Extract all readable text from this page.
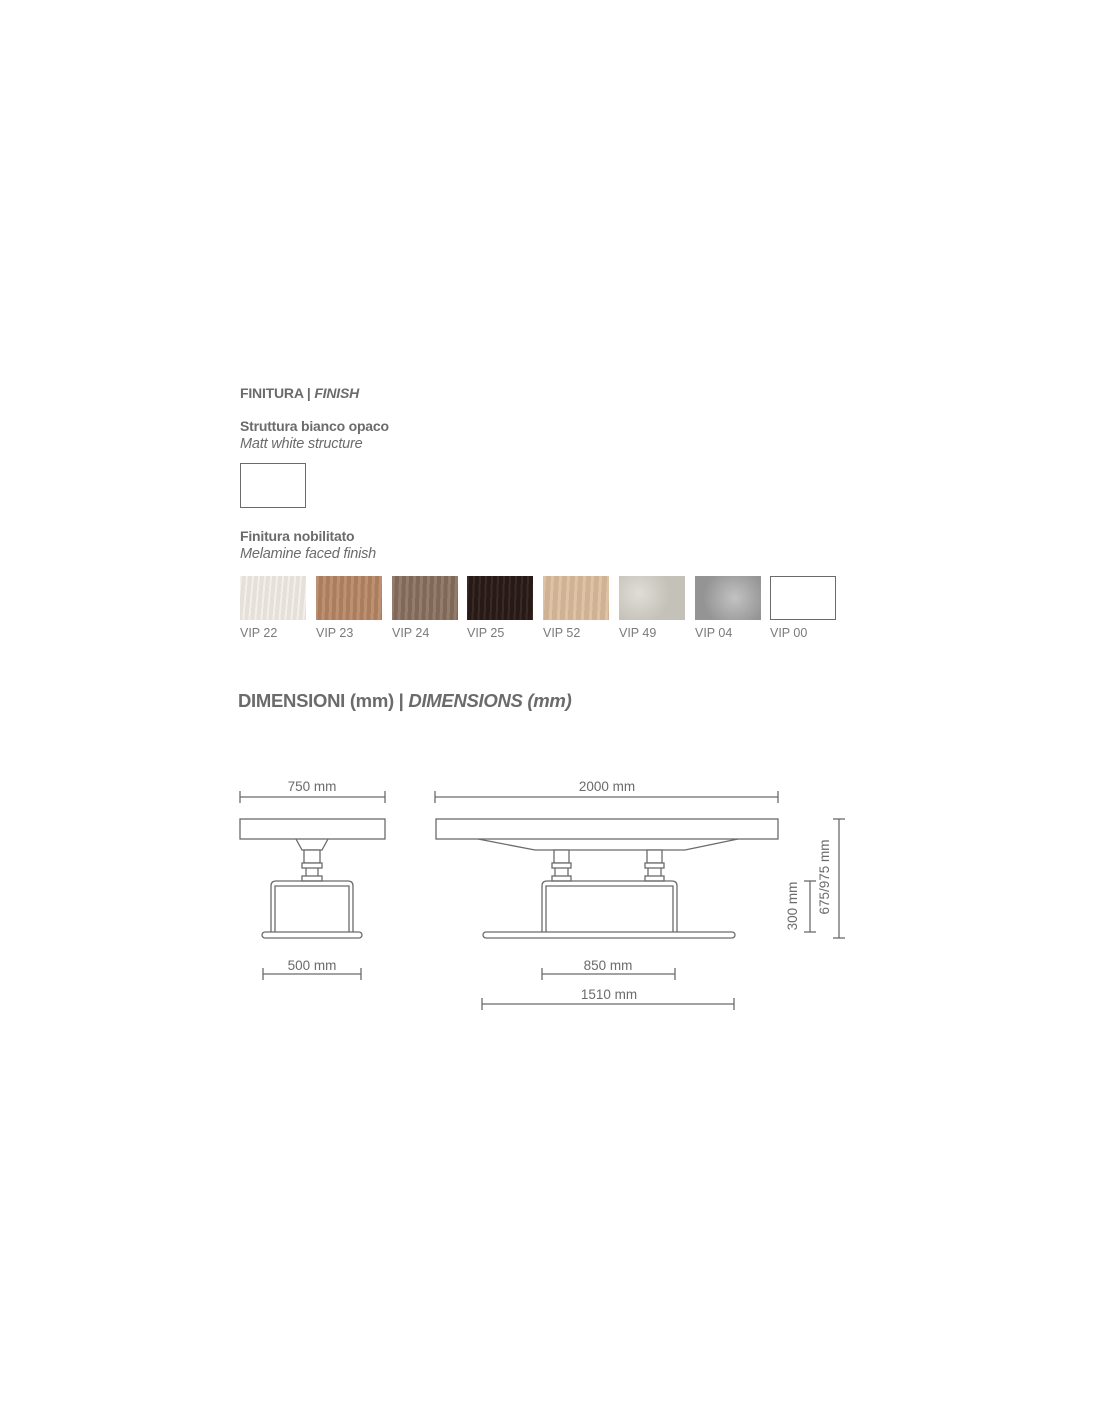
FINITURA | FINISH
Struttura bianco opaco
Matt white structure
Finitura nobilitato
Melamine faced finish
VIP 22	VIP 23	VIP 24	VIP 25	VIP 52	VIP 49	VIP 04	VIP 00
DIMENSIONI (mm) | DIMENSIONS (mm)
750 mm
500 mm
2000 mm
850 mm
1510 mm
300 mm 675/975 mm
